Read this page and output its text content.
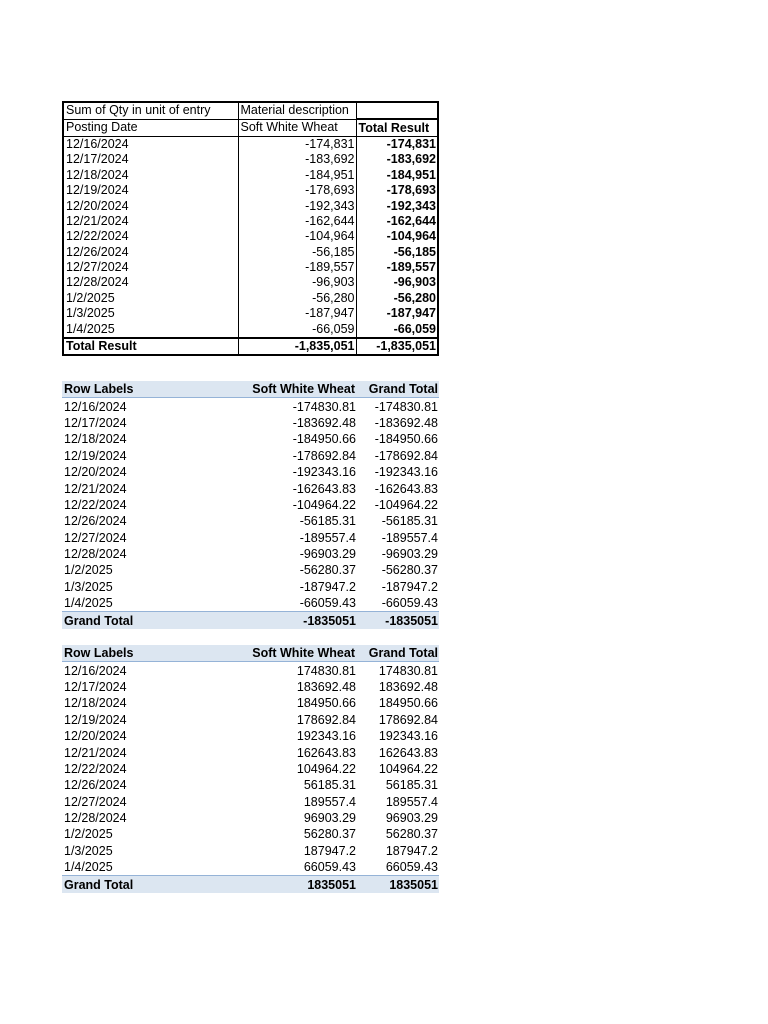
Sum of Qty in unit of entry	Material description	
Posting Date	Soft White Wheat	Total Result
12/16/2024	-174,831	-174,831
12/17/2024	-183,692	-183,692
12/18/2024	-184,951	-184,951
12/19/2024	-178,693	-178,693
12/20/2024	-192,343	-192,343
12/21/2024	-162,644	-162,644
12/22/2024	-104,964	-104,964
12/26/2024	-56,185	-56,185
12/27/2024	-189,557	-189,557
12/28/2024	-96,903	-96,903
1/2/2025	-56,280	-56,280
1/3/2025	-187,947	-187,947
1/4/2025	-66,059	-66,059
Total Result	-1,835,051	-1,835,051
Row Labels	Soft White Wheat	Grand Total
12/16/2024	-174830.81	-174830.81
12/17/2024	-183692.48	-183692.48
12/18/2024	-184950.66	-184950.66
12/19/2024	-178692.84	-178692.84
12/20/2024	-192343.16	-192343.16
12/21/2024	-162643.83	-162643.83
12/22/2024	-104964.22	-104964.22
12/26/2024	-56185.31	-56185.31
12/27/2024	-189557.4	-189557.4
12/28/2024	-96903.29	-96903.29
1/2/2025	-56280.37	-56280.37
1/3/2025	-187947.2	-187947.2
1/4/2025	-66059.43	-66059.43
Grand Total	-1835051	-1835051
Row Labels	Soft White Wheat	Grand Total
12/16/2024	174830.81	174830.81
12/17/2024	183692.48	183692.48
12/18/2024	184950.66	184950.66
12/19/2024	178692.84	178692.84
12/20/2024	192343.16	192343.16
12/21/2024	162643.83	162643.83
12/22/2024	104964.22	104964.22
12/26/2024	56185.31	56185.31
12/27/2024	189557.4	189557.4
12/28/2024	96903.29	96903.29
1/2/2025	56280.37	56280.37
1/3/2025	187947.2	187947.2
1/4/2025	66059.43	66059.43
Grand Total	1835051	1835051
